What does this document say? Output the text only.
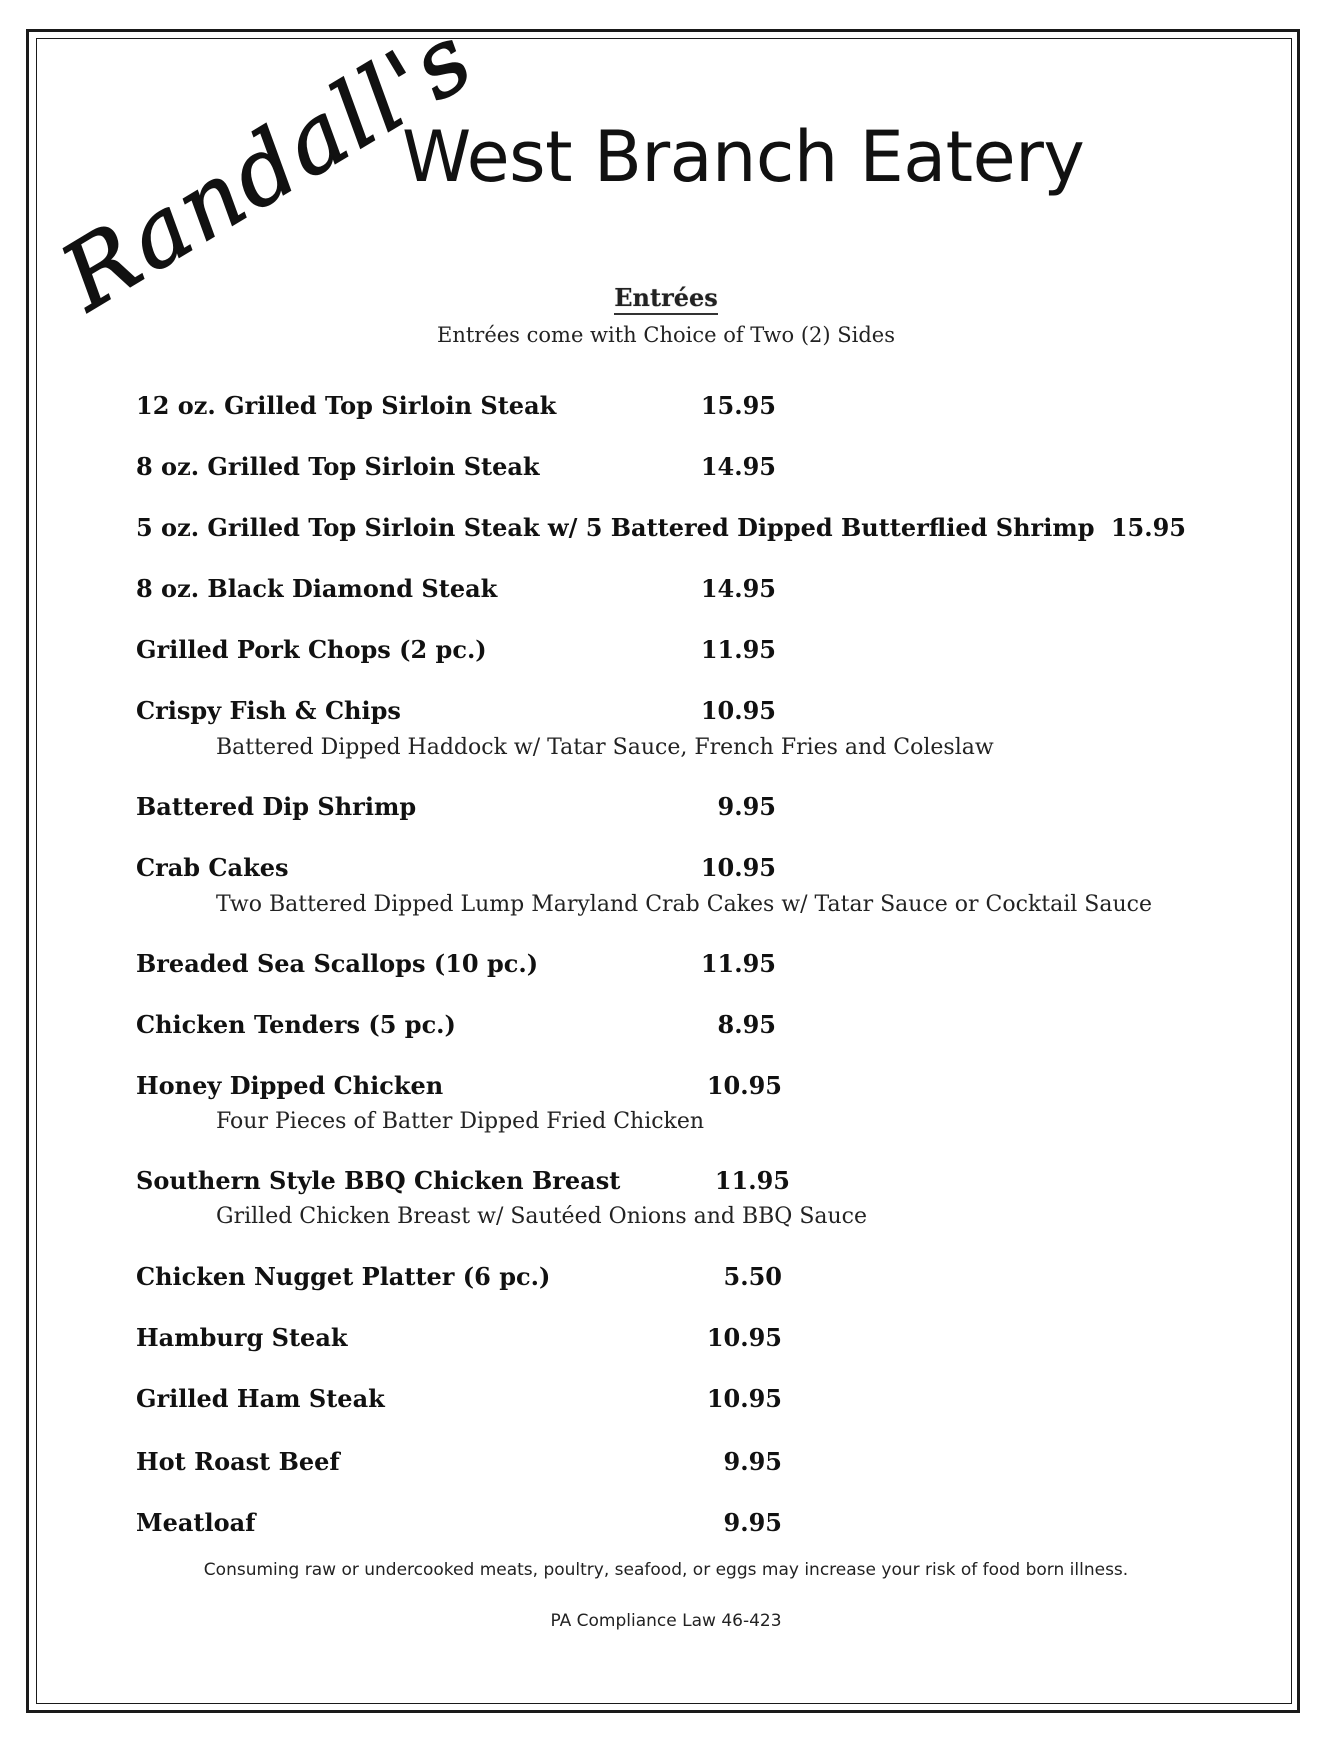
Randall's
West Branch Eatery
Entrées
Entrées come with Choice of Two (2) Sides
12 oz. Grilled Top Sirloin Steak	15.95
8 oz. Grilled Top Sirloin Steak	14.95
5 oz. Grilled Top Sirloin Steak w/ 5 Battered Dipped Butterflied Shrimp 15.95
8 oz. Black Diamond Steak	14.95
Grilled Pork Chops (2 pc.)	11.95
Crispy Fish & Chips	10.95
Battered Dipped Haddock w/ Tatar Sauce, French Fries and Coleslaw
Battered Dip Shrimp	9.95
Crab Cakes	10.95
Two Battered Dipped Lump Maryland Crab Cakes w/ Tatar Sauce or Cocktail Sauce
Breaded Sea Scallops (10 pc.)	11.95
Chicken Tenders (5 pc.)	8.95
Honey Dipped Chicken	10.95
Four Pieces of Batter Dipped Fried Chicken
Southern Style BBQ Chicken Breast	11.95
Grilled Chicken Breast w/ Sautéed Onions and BBQ Sauce
Chicken Nugget Platter (6 pc.)	5.50
Hamburg Steak	10.95
Grilled Ham Steak	10.95
Hot Roast Beef	9.95
Meatloaf	9.95
Consuming raw or undercooked meats, poultry, seafood, or eggs may increase your risk of food born illness.
PA Compliance Law 46-423
